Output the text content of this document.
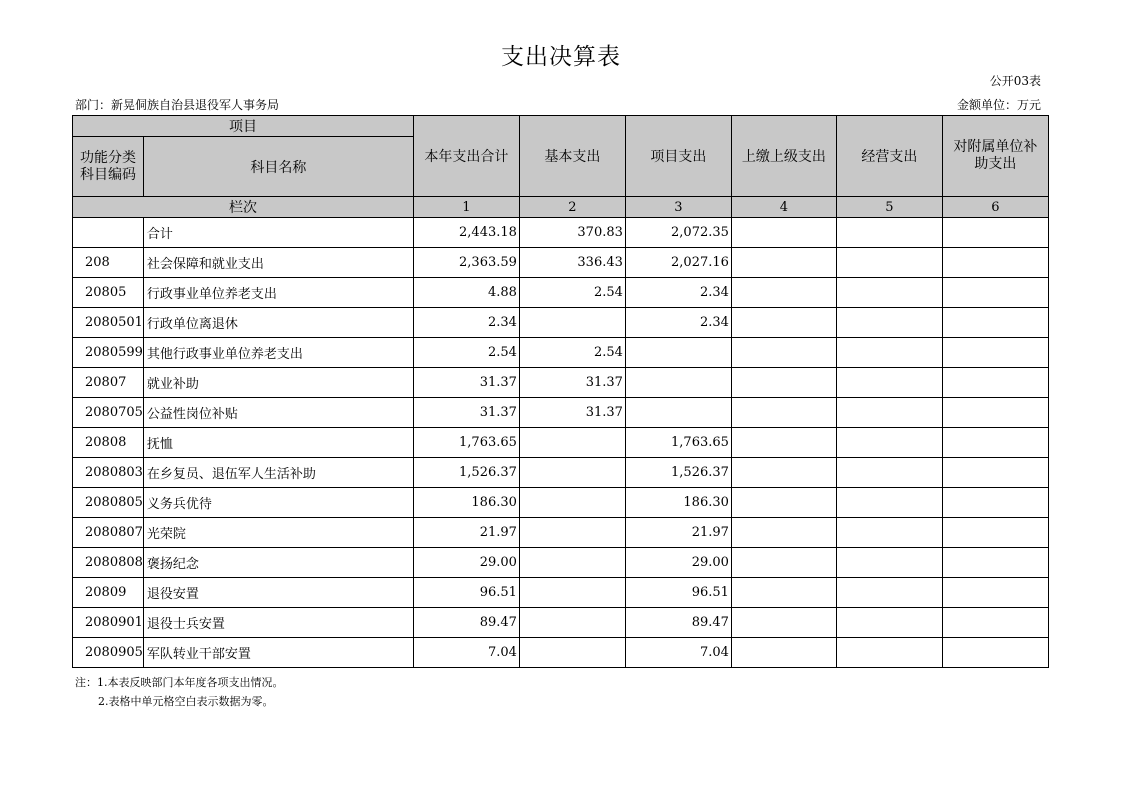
支出决算表
公开03表
部门：新晃侗族自治县退役军人事务局	金额单位：万元
项目		本年支出合计	基本支出	项目支出	上缴上级支出	经营支出	对附属单位补助支出
功能分类科目编码	科目名称						
栏次		1	2	3	4	5	6
	合计	2,443.18	370.83	2,072.35			
208	社会保障和就业支出	2,363.59	336.43	2,027.16			
20805	行政事业单位养老支出	4.88	2.54	2.34			
2080501	行政单位离退休	2.34		2.34			
2080599	其他行政事业单位养老支出	2.54	2.54				
20807	就业补助	31.37	31.37				
2080705	公益性岗位补贴	31.37	31.37				
20808	抚恤	1,763.65		1,763.65			
2080803	在乡复员、退伍军人生活补助	1,526.37		1,526.37			
2080805	义务兵优待	186.30		186.30			
2080807	光荣院	21.97		21.97			
2080808	褒扬纪念	29.00		29.00			
20809	退役安置	96.51		96.51			
2080901	退役士兵安置	89.47		89.47			
2080905	军队转业干部安置	7.04		7.04			
注：1.本表反映部门本年度各项支出情况。
2.表格中单元格空白表示数据为零。
